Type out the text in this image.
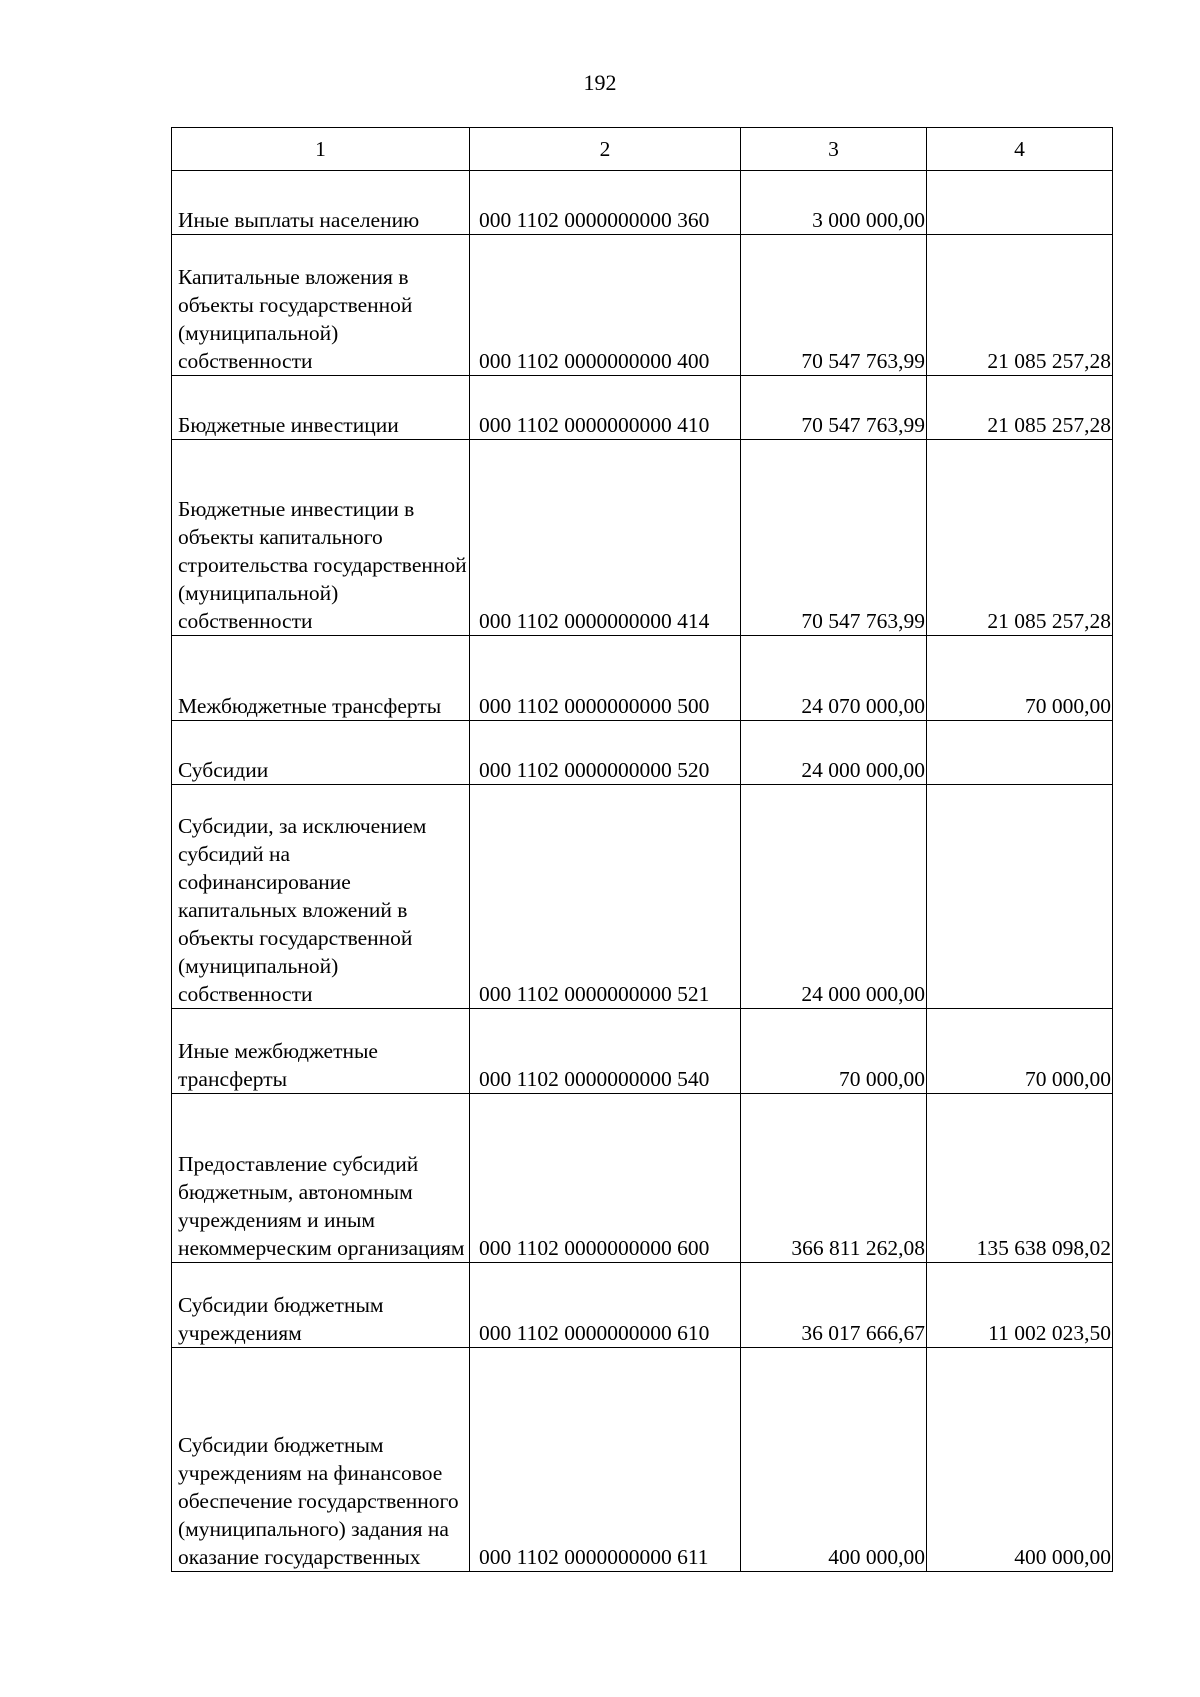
192
1	2	3	4
Иные выплаты населению	000 1102 0000000000 360	3 000 000,00	
Капитальные вложения в объекты государственной (муниципальной) собственности	000 1102 0000000000 400	70 547 763,99	21 085 257,28
Бюджетные инвестиции	000 1102 0000000000 410	70 547 763,99	21 085 257,28
Бюджетные инвестиции в объекты капитального строительства государственной (муниципальной) собственности	000 1102 0000000000 414	70 547 763,99	21 085 257,28
Межбюджетные трансферты	000 1102 0000000000 500	24 070 000,00	70 000,00
Субсидии	000 1102 0000000000 520	24 000 000,00	
Субсидии, за исключением субсидий на софинансирование капитальных вложений в объекты государственной (муниципальной) собственности	000 1102 0000000000 521	24 000 000,00	
Иные межбюджетные трансферты	000 1102 0000000000 540	70 000,00	70 000,00
Предоставление субсидий бюджетным, автономным учреждениям и иным некоммерческим организациям	000 1102 0000000000 600	366 811 262,08	135 638 098,02
Субсидии бюджетным учреждениям	000 1102 0000000000 610	36 017 666,67	11 002 023,50
Субсидии бюджетным учреждениям на финансовое обеспечение государственного (муниципального) задания на оказание государственных	000 1102 0000000000 611	400 000,00	400 000,00
